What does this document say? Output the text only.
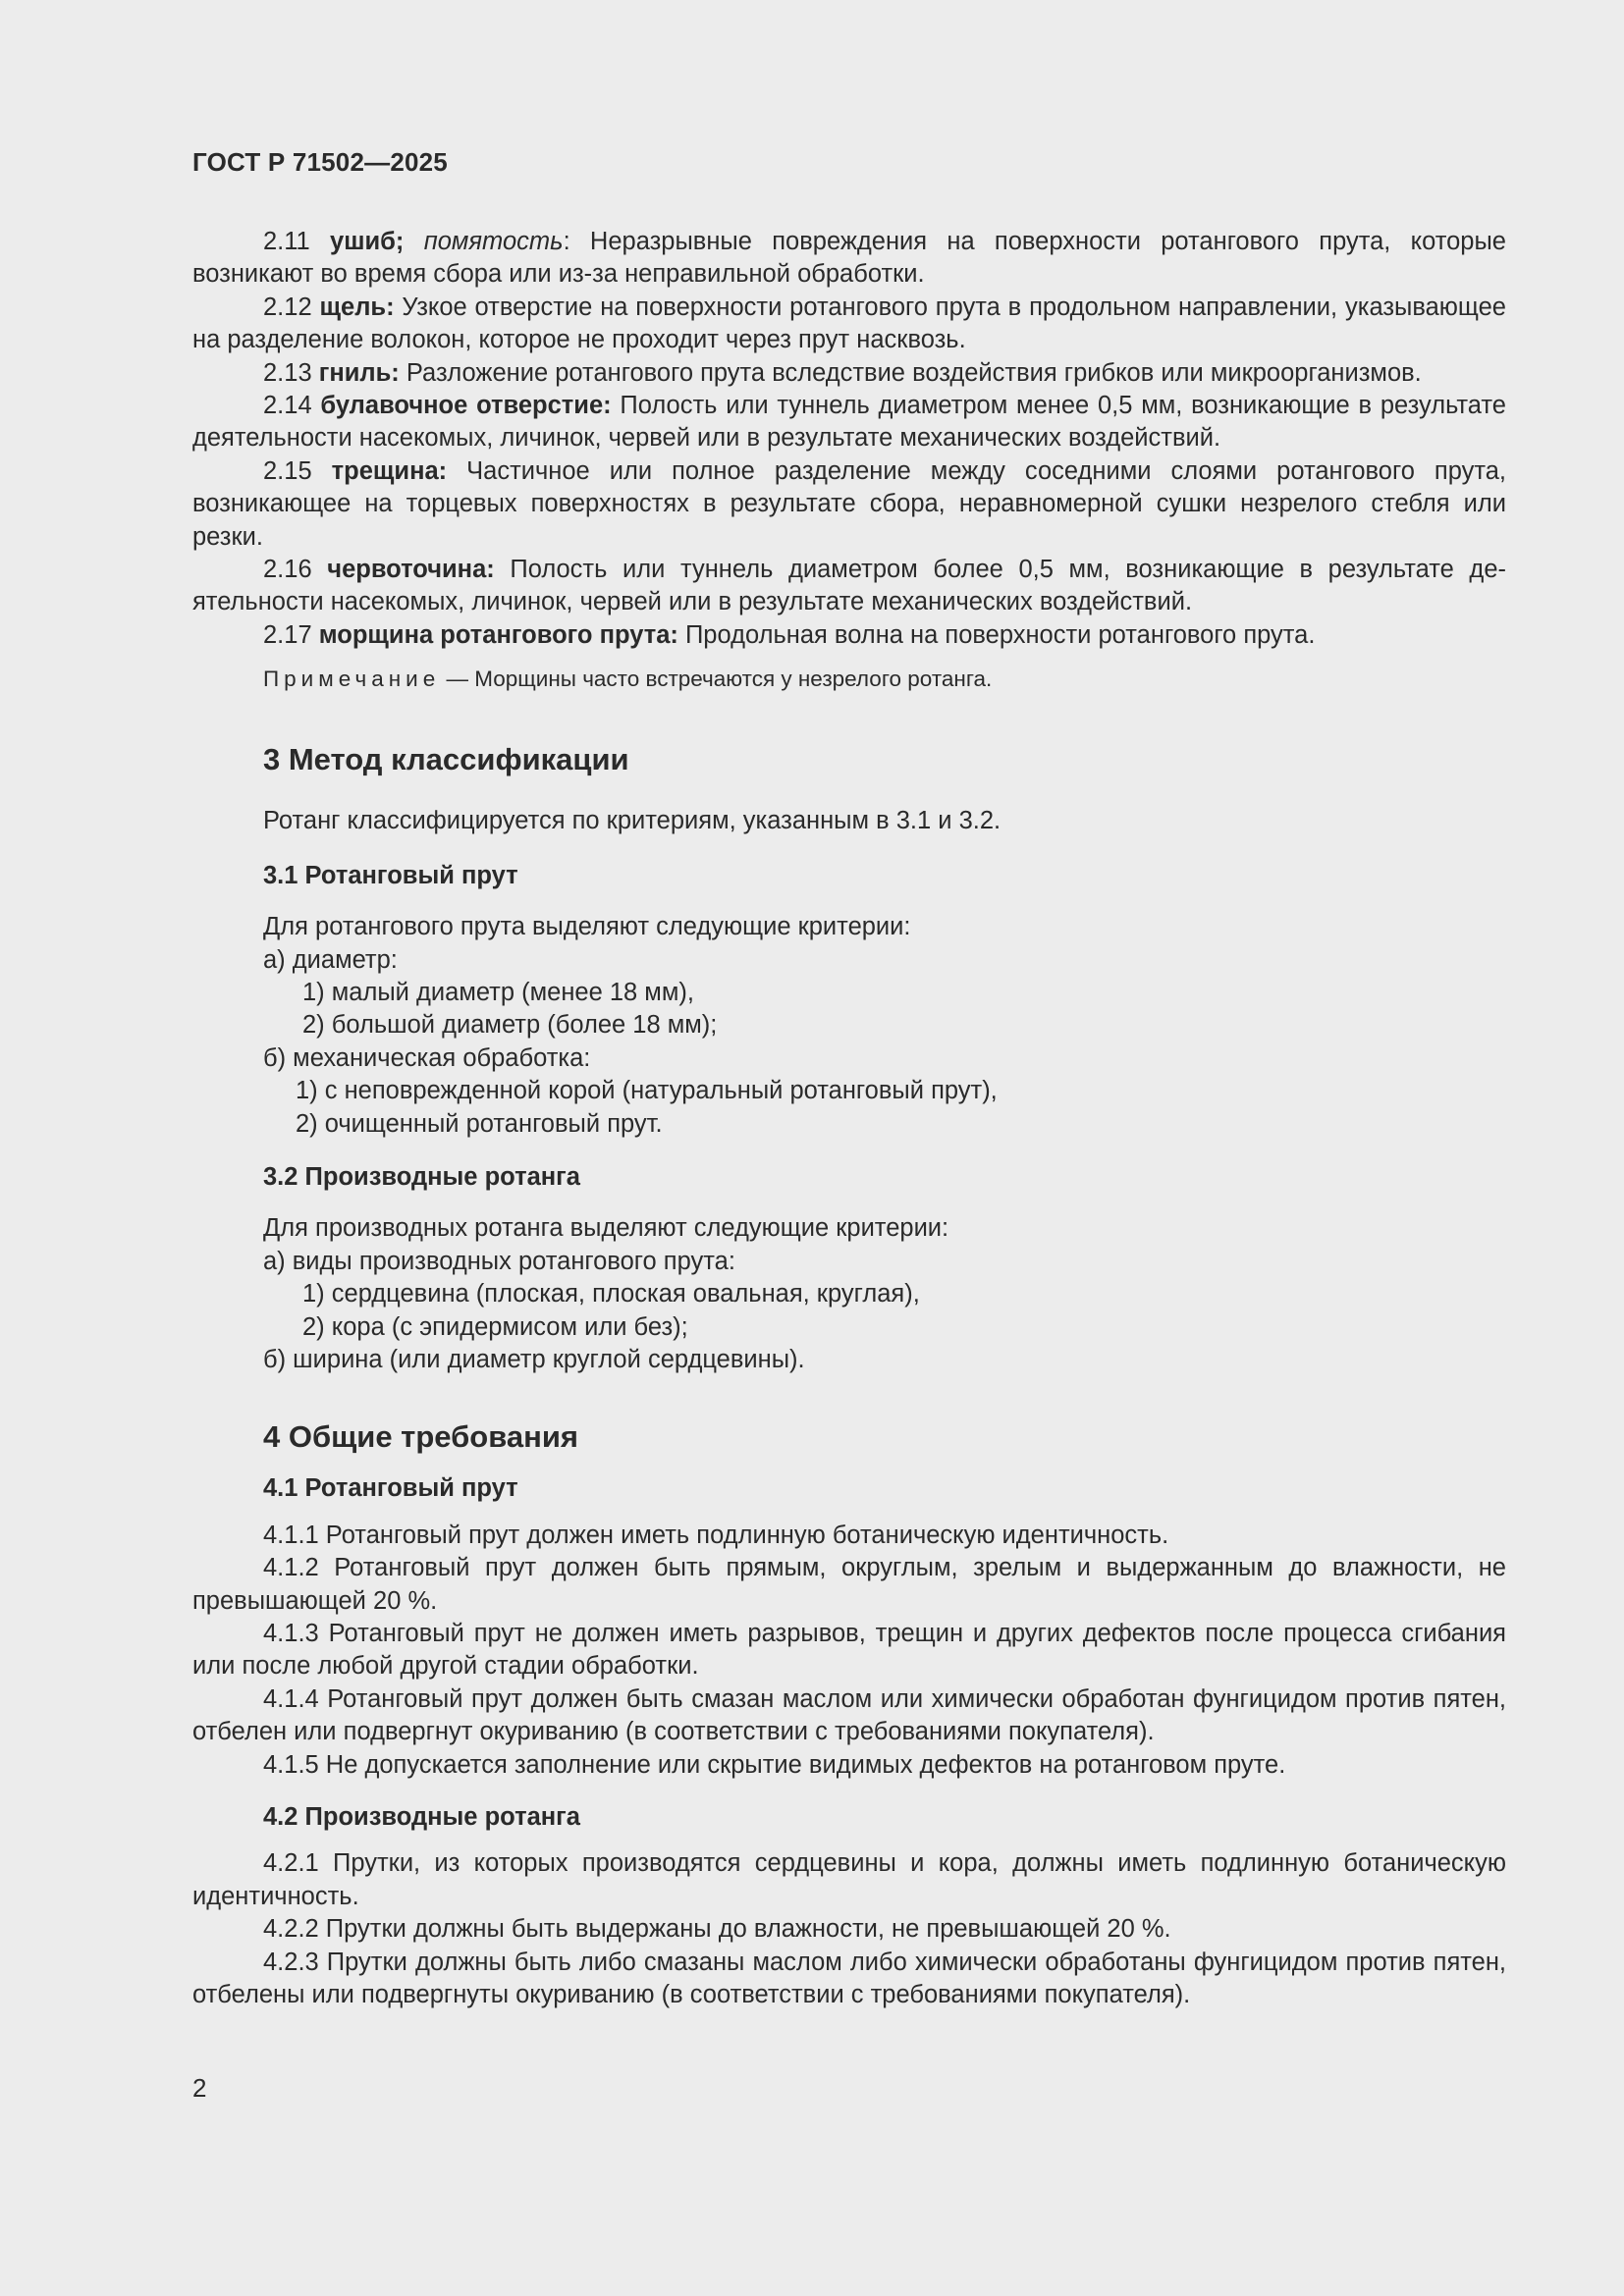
ГОСТ Р 71502—2025

2.11 ушиб; помятость: Неразрывные повреждения на поверхности ротангового прута, которые возникают во время сбора или из-за неправильной обработки.

2.12 щель: Узкое отверстие на поверхности ротангового прута в продольном направлении, указывающее на разделение волокон, которое не проходит через прут насквозь.

2.13 гниль: Разложение ротангового прута вследствие воздействия грибков или микроорганизмов.

2.14 булавочное отверстие: Полость или туннель диаметром менее 0,5 мм, возникающие в результате деятельности насекомых, личинок, червей или в результате механических воздействий.

2.15 трещина: Частичное или полное разделение между соседними слоями ротангового прута, возникающее на торцевых поверхностях в результате сбора, неравномерной сушки незрелого стебля или резки.

2.16 червоточина: Полость или туннель диаметром более 0,5 мм, возникающие в результате деятельности насекомых, личинок, червей или в результате механических воздействий.

2.17 морщина ротангового прута: Продольная волна на поверхности ротангового прута.

Примечание — Морщины часто встречаются у незрелого ротанга.
3 Метод классификации
Ротанг классифицируется по критериям, указанным в 3.1 и 3.2.
3.1 Ротанговый прут
Для ротангового прута выделяют следующие критерии:
а) диаметр:
1) малый диаметр (менее 18 мм),
2) большой диаметр (более 18 мм);
б) механическая обработка:
1) с неповрежденной корой (натуральный ротанговый прут),
2) очищенный ротанговый прут.
3.2 Производные ротанга
Для производных ротанга выделяют следующие критерии:
а) виды производных ротангового прута:
1) сердцевина (плоская, плоская овальная, круглая),
2) кора (с эпидермисом или без);
б) ширина (или диаметр круглой сердцевины).
4 Общие требования
4.1 Ротанговый прут

4.1.1 Ротанговый прут должен иметь подлинную ботаническую идентичность.

4.1.2 Ротанговый прут должен быть прямым, округлым, зрелым и выдержанным до влажности, не превышающей 20 %.

4.1.3 Ротанговый прут не должен иметь разрывов, трещин и других дефектов после процесса сгибания или после любой другой стадии обработки.

4.1.4 Ротанговый прут должен быть смазан маслом или химически обработан фунгицидом против пятен, отбелен или подвергнут окуриванию (в соответствии с требованиями покупателя).

4.1.5 Не допускается заполнение или скрытие видимых дефектов на ротанговом пруте.

4.2 Производные ротанга

4.2.1 Прутки, из которых производятся сердцевины и кора, должны иметь подлинную ботаническую идентичность.

4.2.2 Прутки должны быть выдержаны до влажности, не превышающей 20 %.

4.2.3 Прутки должны быть либо смазаны маслом либо химически обработаны фунгицидом против пятен, отбелены или подвергнуты окуриванию (в соответствии с требованиями покупателя).

2
